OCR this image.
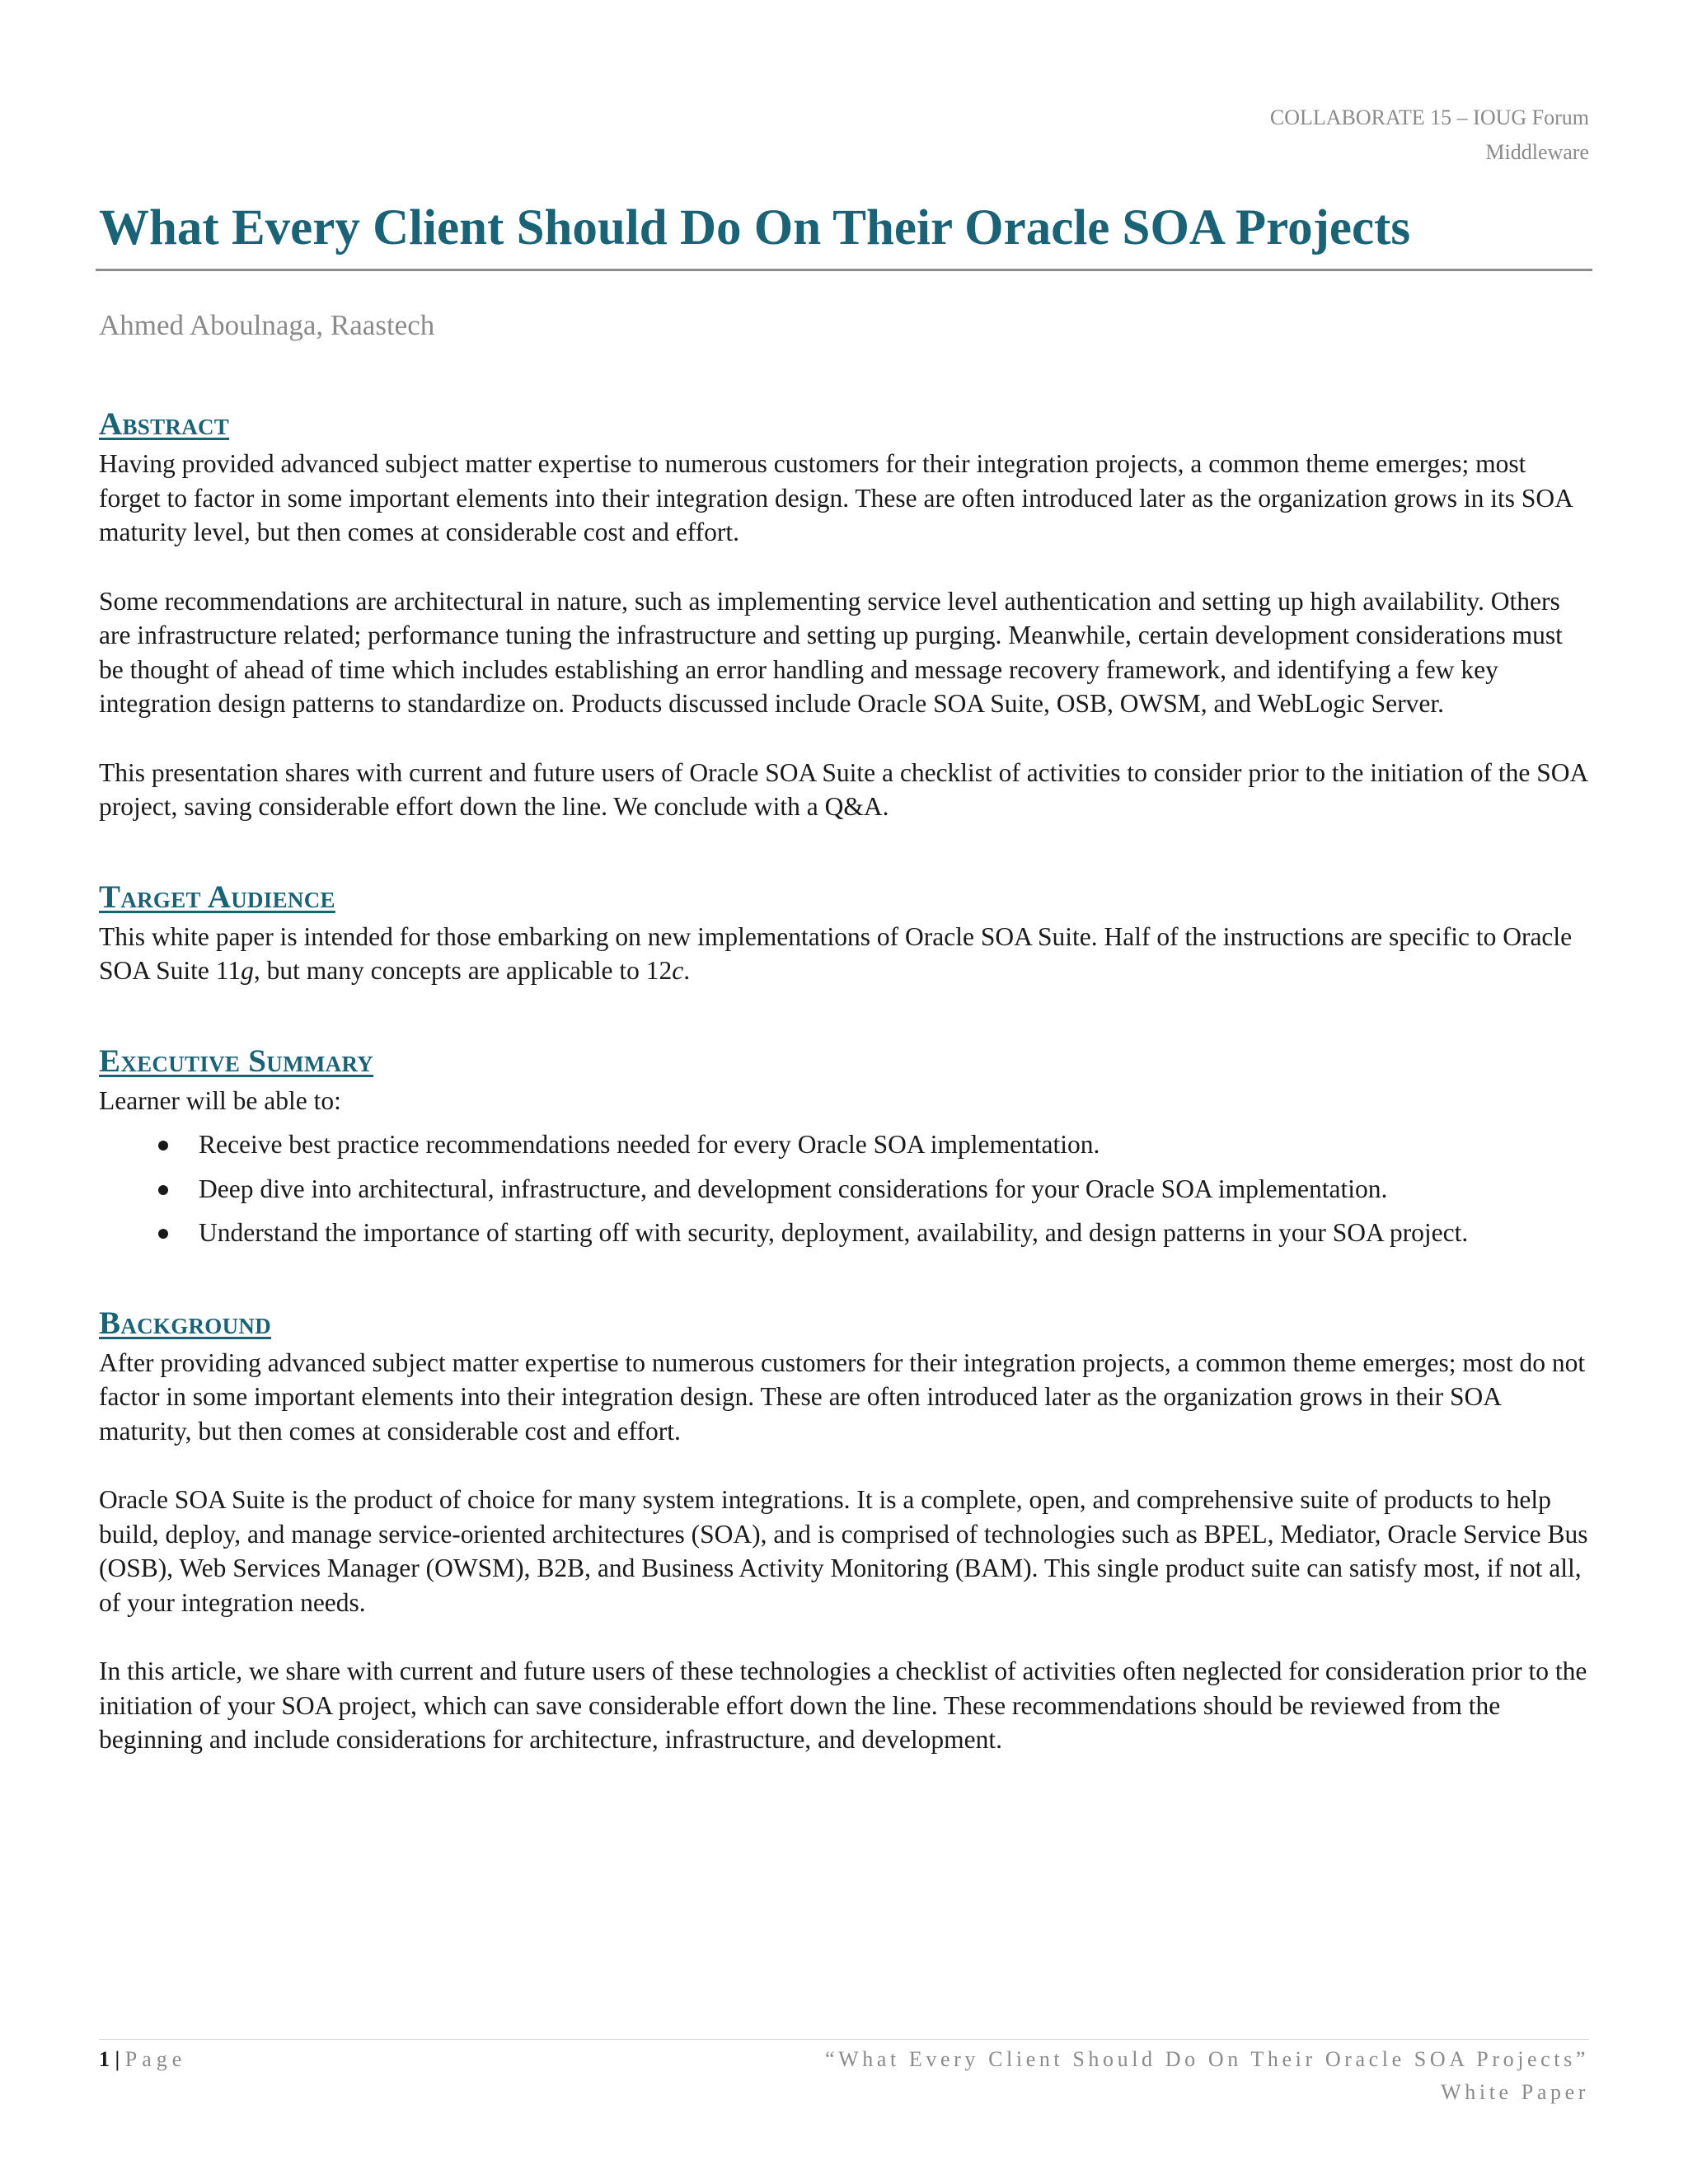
COLLABORATE 15 – IOUG Forum
Middleware
What Every Client Should Do On Their Oracle SOA Projects
Ahmed Aboulnaga, Raastech
Abstract

Having provided advanced subject matter expertise to numerous customers for their integration projects, a common theme emerges; most forget to factor in some important elements into their integration design. These are often introduced later as the organization grows in its SOA maturity level, but then comes at considerable cost and effort.

Some recommendations are architectural in nature, such as implementing service level authentication and setting up high availability. Others are infrastructure related; performance tuning the infrastructure and setting up purging. Meanwhile, certain development considerations must be thought of ahead of time which includes establishing an error handling and message recovery framework, and identifying a few key integration design patterns to standardize on. Products discussed include Oracle SOA Suite, OSB, OWSM, and WebLogic Server.

This presentation shares with current and future users of Oracle SOA Suite a checklist of activities to consider prior to the initiation of the SOA project, saving considerable effort down the line. We conclude with a Q&A.

Target Audience

This white paper is intended for those embarking on new implementations of Oracle SOA Suite. Half of the instructions are specific to Oracle SOA Suite 11g, but many concepts are applicable to 12c.

Executive Summary
Learner will be able to:
Receive best practice recommendations needed for every Oracle SOA implementation.
Deep dive into architectural, infrastructure, and development considerations for your Oracle SOA implementation.
Understand the importance of starting off with security, deployment, availability, and design patterns in your SOA project.
Background

After providing advanced subject matter expertise to numerous customers for their integration projects, a common theme emerges; most do not factor in some important elements into their integration design. These are often introduced later as the organization grows in their SOA maturity, but then comes at considerable cost and effort.

Oracle SOA Suite is the product of choice for many system integrations. It is a complete, open, and comprehensive suite of products to help build, deploy, and manage service-oriented architectures (SOA), and is comprised of technologies such as BPEL, Mediator, Oracle Service Bus (OSB), Web Services Manager (OWSM), B2B, and Business Activity Monitoring (BAM). This single product suite can satisfy most, if not all, of your integration needs.

In this article, we share with current and future users of these technologies a checklist of activities often neglected for consideration prior to the initiation of your SOA project, which can save considerable effort down the line. These recommendations should be reviewed from the beginning and include considerations for architecture, infrastructure, and development.

1 | Page	“What Every Client Should Do On Their Oracle SOA Projects”
White Paper
